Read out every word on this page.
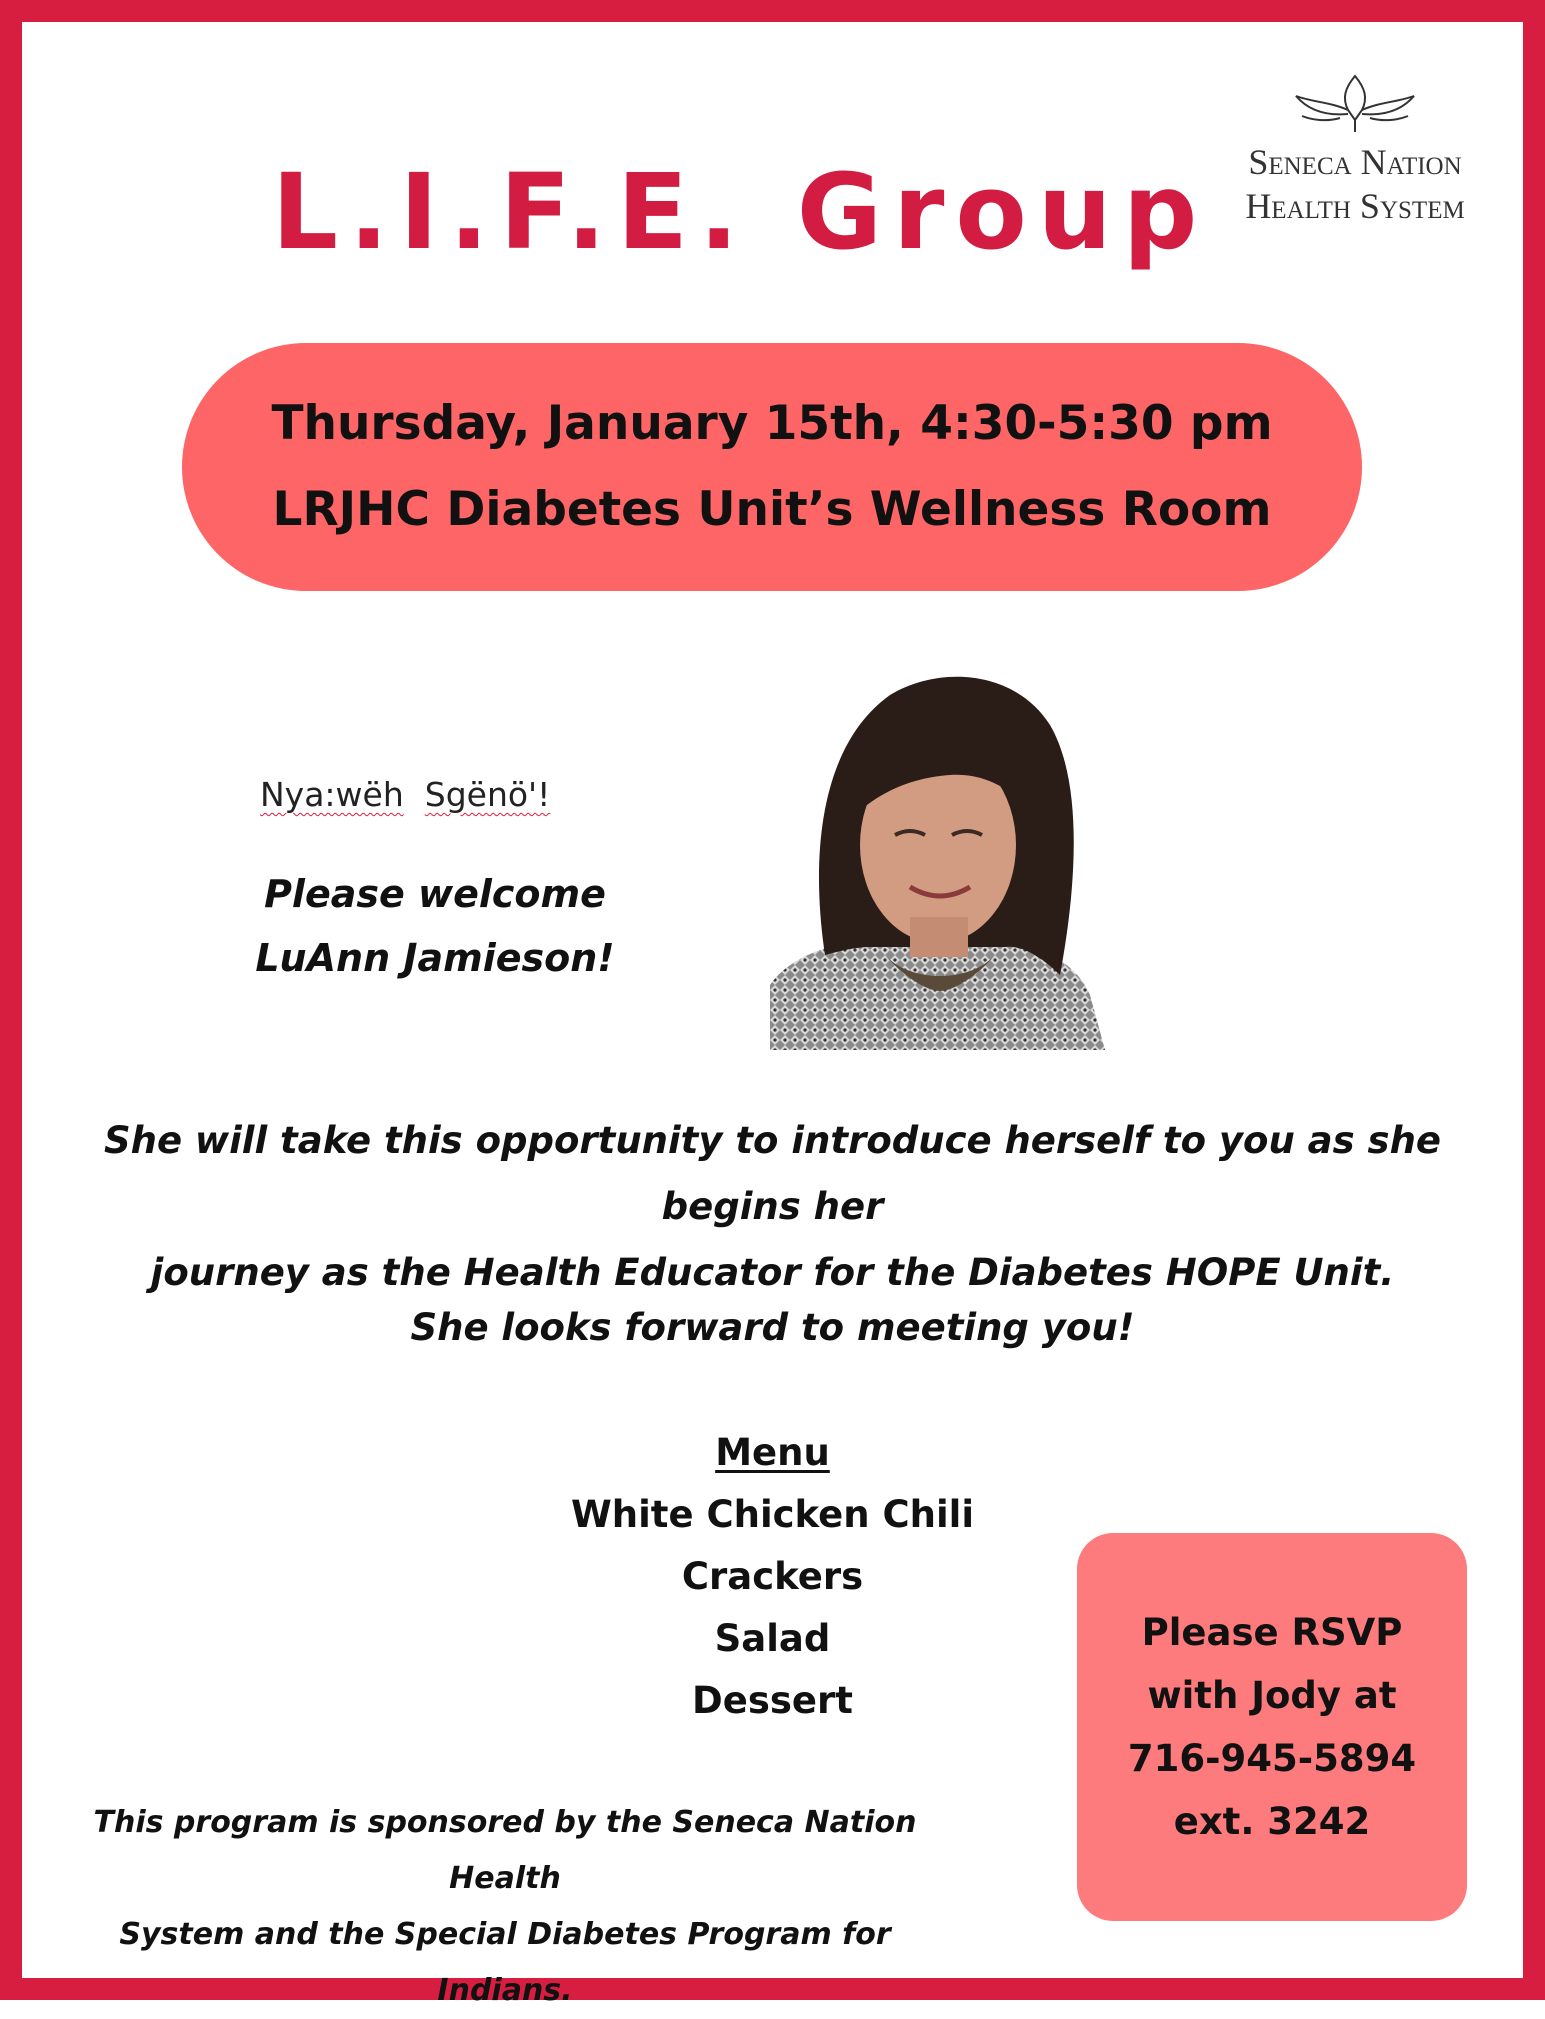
L.I.F.E. Group	Seneca Nation
Health System
Thursday, January 15th, 4:30-5:30 pm
LRJHC Diabetes Unit’s Wellness Room
Nya:wëh Sgënö'!
Please welcome
LuAnn Jamieson!
She will take this opportunity to introduce herself to you as she begins her
journey as the Health Educator for the Diabetes HOPE Unit.
She looks forward to meeting you!
Menu
White Chicken Chili
Crackers
Salad
Dessert
Please RSVP
with Jody at
716-945-5894
ext. 3242
This program is sponsored by the Seneca Nation Health
System and the Special Diabetes Program for Indians.
